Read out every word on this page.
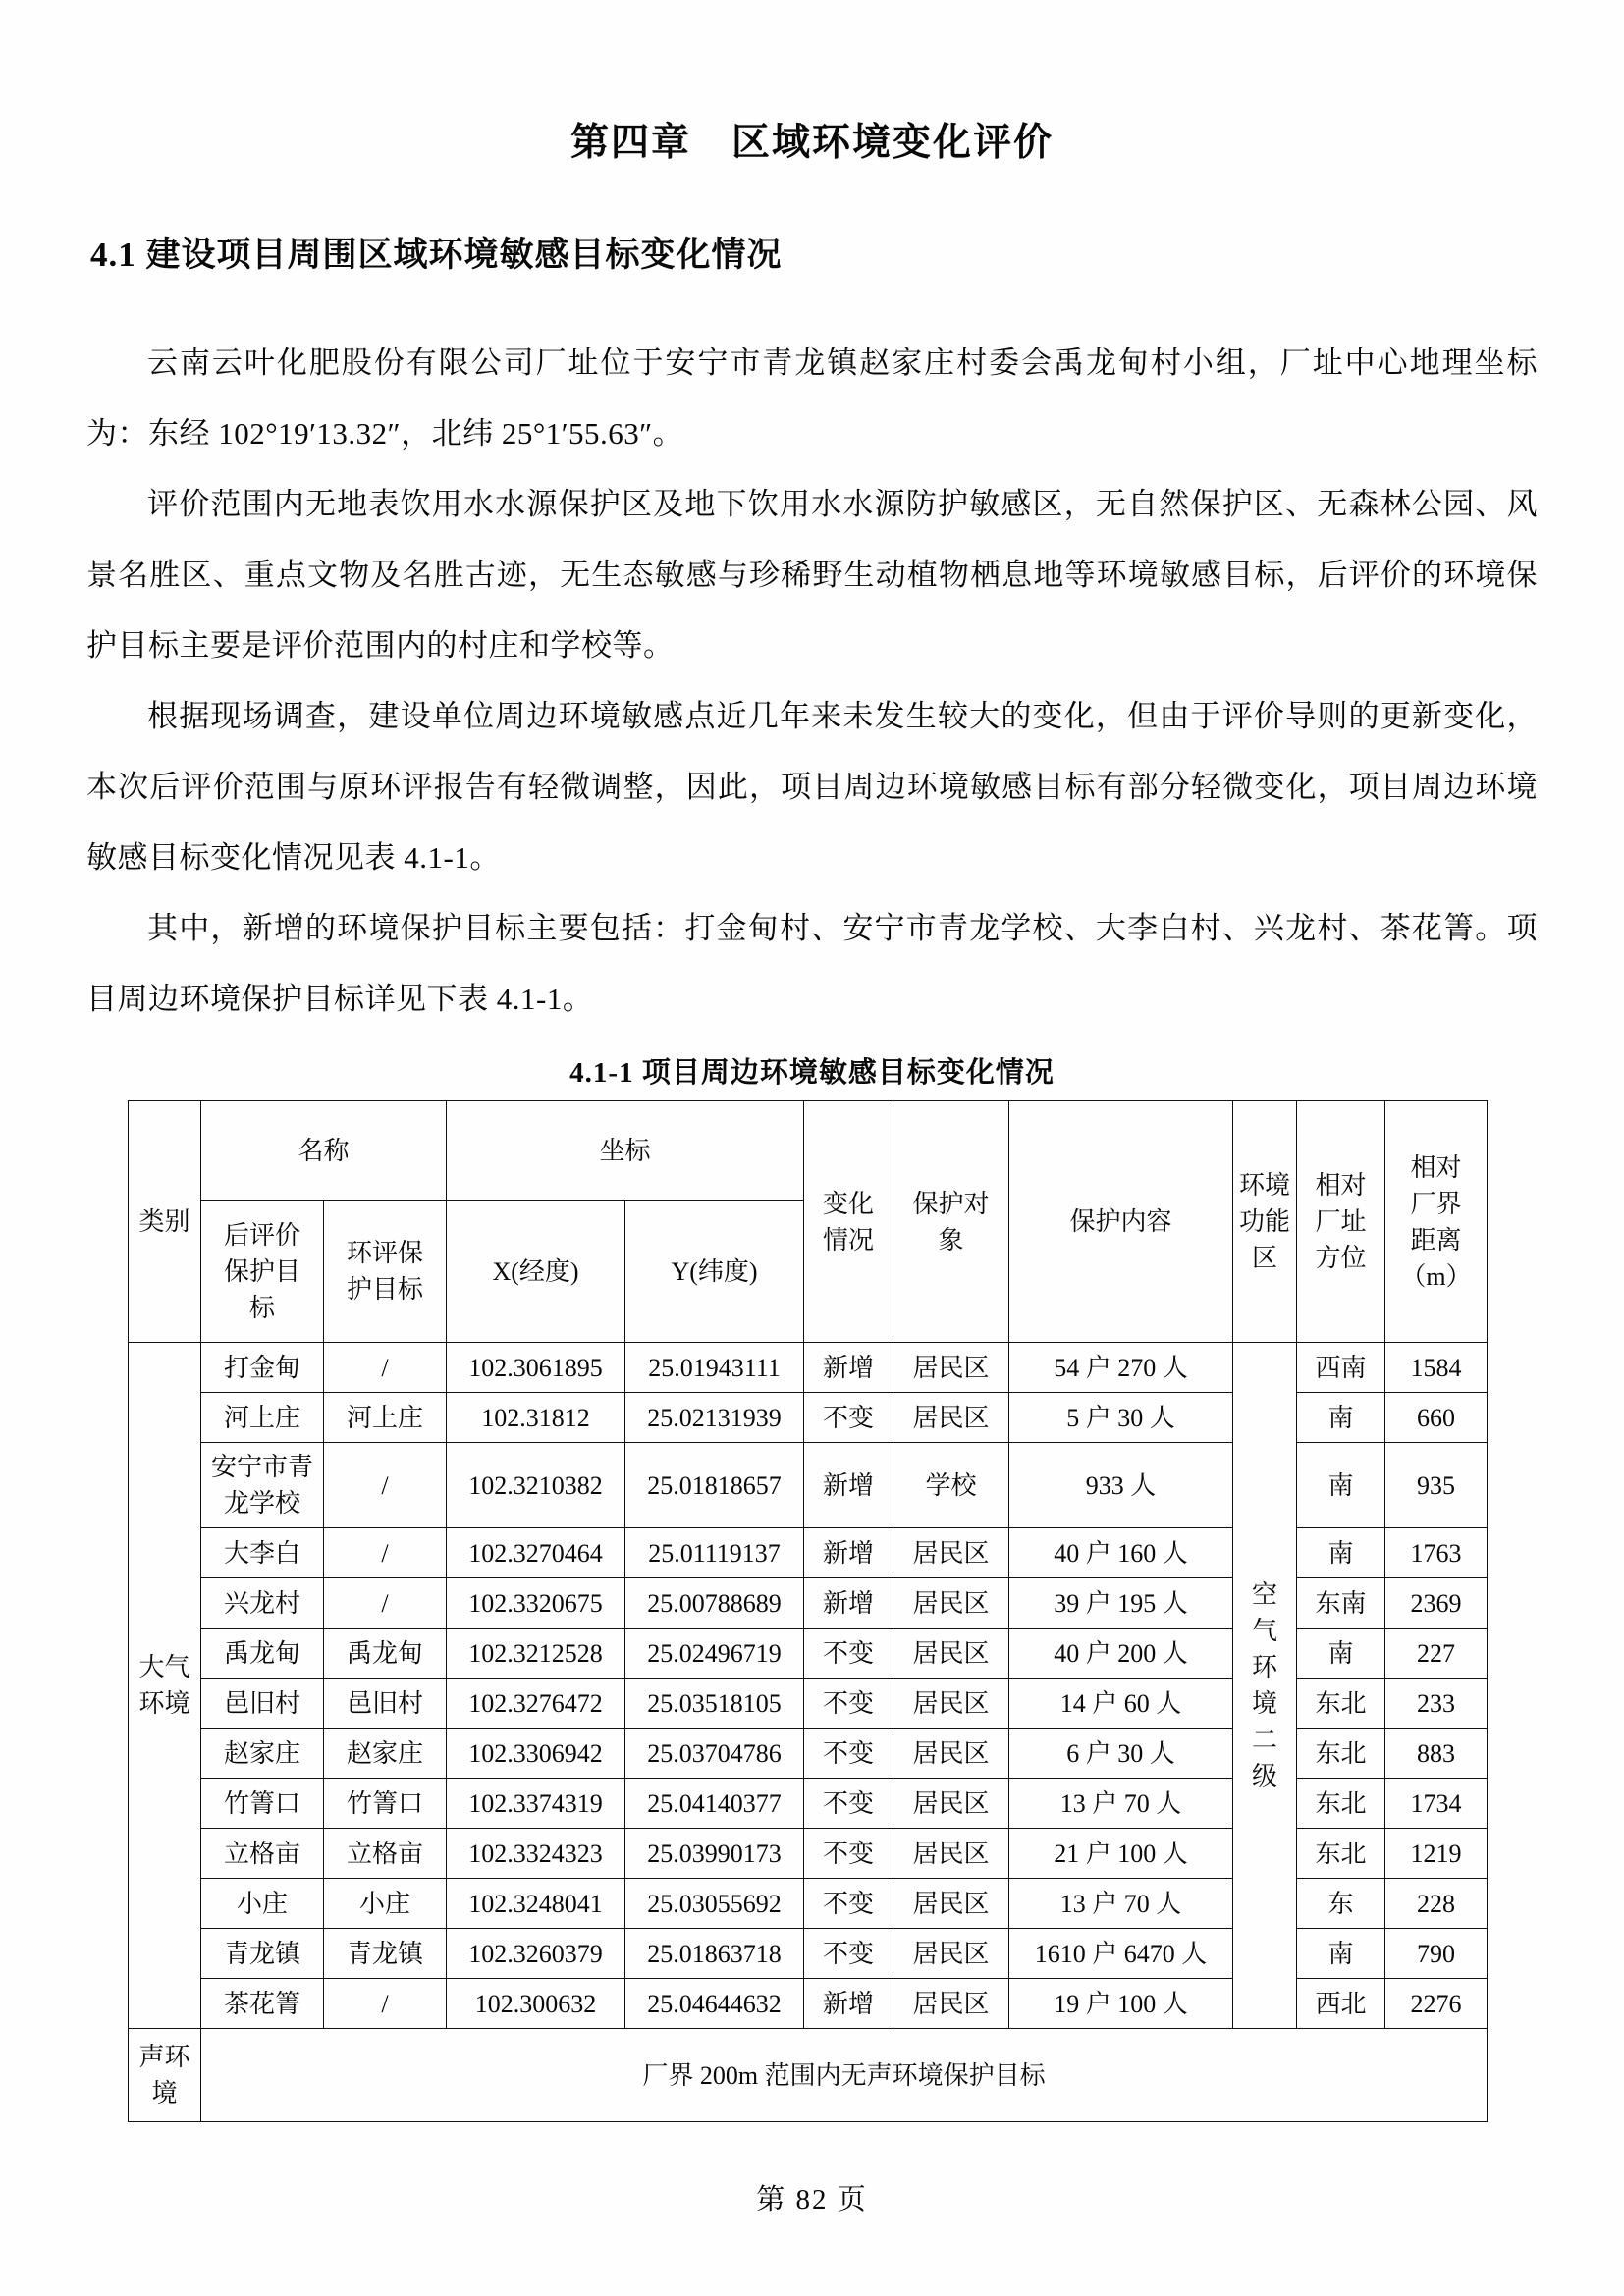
第四章　区域环境变化评价
4.1 建设项目周围区域环境敏感目标变化情况

云南云叶化肥股份有限公司厂址位于安宁市青龙镇赵家庄村委会禹龙甸村小组，厂址中心地理坐标为：东经 102°19′13.32″，北纬 25°1′55.63″。

评价范围内无地表饮用水水源保护区及地下饮用水水源防护敏感区，无自然保护区、无森林公园、风景名胜区、重点文物及名胜古迹，无生态敏感与珍稀野生动植物栖息地等环境敏感目标，后评价的环境保护目标主要是评价范围内的村庄和学校等。

根据现场调查，建设单位周边环境敏感点近几年来未发生较大的变化，但由于评价导则的更新变化，本次后评价范围与原环评报告有轻微调整，因此，项目周边环境敏感目标有部分轻微变化，项目周边环境敏感目标变化情况见表 4.1-1。

其中，新增的环境保护目标主要包括：打金甸村、安宁市青龙学校、大李白村、兴龙村、茶花箐。项目周边环境保护目标详见下表 4.1-1。

4.1-1 项目周边环境敏感目标变化情况
类别	名称		坐标		变化情况	保护对象	保护内容	环境功能区	相对厂址方位	相对厂界距离（m）
	后评价保护目标	环评保护目标	X(经度)	Y(纬度)						
大气环境	打金甸	/	102.3061895	25.01943111	新增	居民区	54 户 270 人	空气环境二级	西南	1584
	河上庄	河上庄	102.31812	25.02131939	不变	居民区	5 户 30 人		南	660
	安宁市青龙学校	/	102.3210382	25.01818657	新增	学校	933 人		南	935
	大李白	/	102.3270464	25.01119137	新增	居民区	40 户 160 人		南	1763
	兴龙村	/	102.3320675	25.00788689	新增	居民区	39 户 195 人		东南	2369
	禹龙甸	禹龙甸	102.3212528	25.02496719	不变	居民区	40 户 200 人		南	227
	邑旧村	邑旧村	102.3276472	25.03518105	不变	居民区	14 户 60 人		东北	233
	赵家庄	赵家庄	102.3306942	25.03704786	不变	居民区	6 户 30 人		东北	883
	竹箐口	竹箐口	102.3374319	25.04140377	不变	居民区	13 户 70 人		东北	1734
	立格亩	立格亩	102.3324323	25.03990173	不变	居民区	21 户 100 人		东北	1219
	小庄	小庄	102.3248041	25.03055692	不变	居民区	13 户 70 人		东	228
	青龙镇	青龙镇	102.3260379	25.01863718	不变	居民区	1610 户 6470 人		南	790
	茶花箐	/	102.300632	25.04644632	新增	居民区	19 户 100 人		西北	2276
声环境	厂界 200m 范围内无声环境保护目标									
第 82 页
